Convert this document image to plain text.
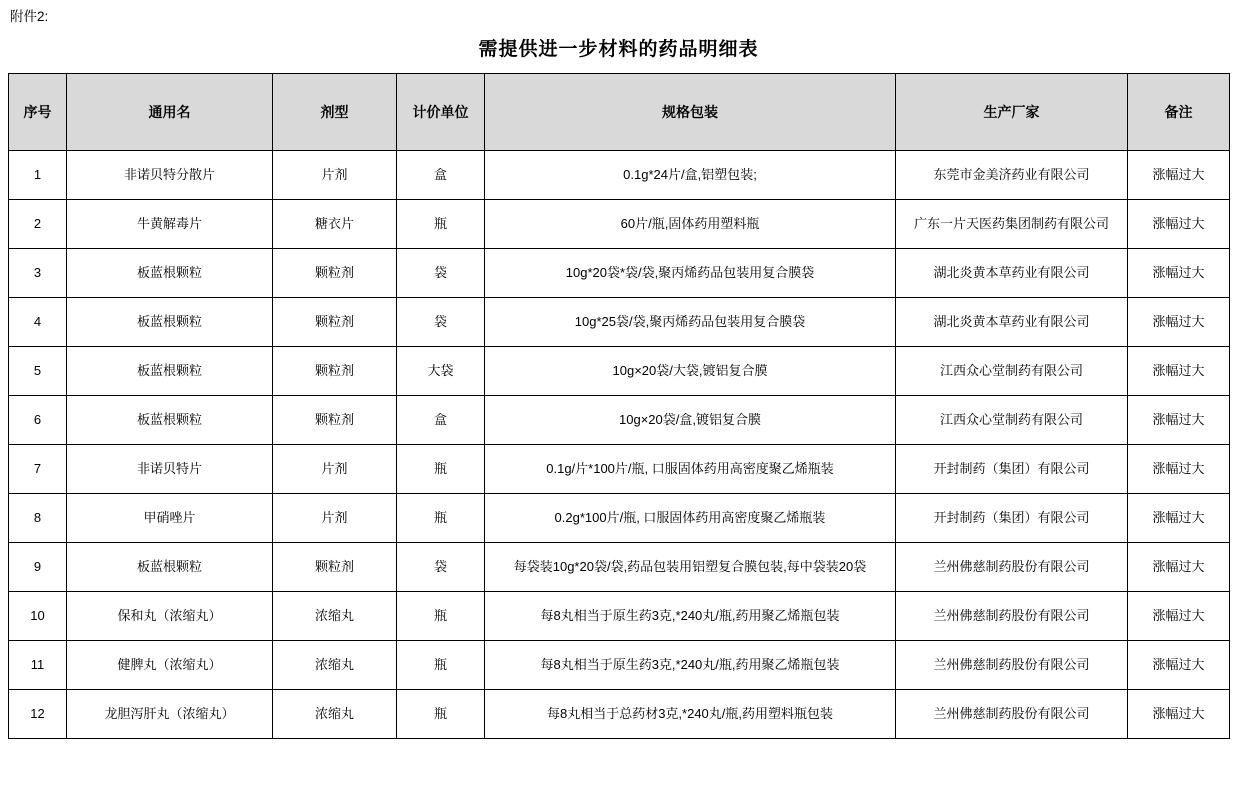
附件2:
需提供进一步材料的药品明细表
序号	通用名	剂型	计价单位	规格包装	生产厂家	备注
1	非诺贝特分散片	片剂	盒	0.1g*24片/盒,铝塑包装;	东莞市金美济药业有限公司	涨幅过大
2	牛黄解毒片	糖衣片	瓶	60片/瓶,固体药用塑料瓶	广东一片天医药集团制药有限公司	涨幅过大
3	板蓝根颗粒	颗粒剂	袋	10g*20袋*袋/袋,聚丙烯药品包装用复合膜袋	湖北炎黄本草药业有限公司	涨幅过大
4	板蓝根颗粒	颗粒剂	袋	10g*25袋/袋,聚丙烯药品包装用复合膜袋	湖北炎黄本草药业有限公司	涨幅过大
5	板蓝根颗粒	颗粒剂	大袋	10g×20袋/大袋,镀铝复合膜	江西众心堂制药有限公司	涨幅过大
6	板蓝根颗粒	颗粒剂	盒	10g×20袋/盒,镀铝复合膜	江西众心堂制药有限公司	涨幅过大
7	非诺贝特片	片剂	瓶	0.1g/片*100片/瓶, 口服固体药用高密度聚乙烯瓶装	开封制药（集团）有限公司	涨幅过大
8	甲硝唑片	片剂	瓶	0.2g*100片/瓶, 口服固体药用高密度聚乙烯瓶装	开封制药（集团）有限公司	涨幅过大
9	板蓝根颗粒	颗粒剂	袋	每袋装10g*20袋/袋,药品包装用铝塑复合膜包装,每中袋装20袋	兰州佛慈制药股份有限公司	涨幅过大
10	保和丸（浓缩丸）	浓缩丸	瓶	每8丸相当于原生药3克,*240丸/瓶,药用聚乙烯瓶包装	兰州佛慈制药股份有限公司	涨幅过大
11	健脾丸（浓缩丸）	浓缩丸	瓶	每8丸相当于原生药3克,*240丸/瓶,药用聚乙烯瓶包装	兰州佛慈制药股份有限公司	涨幅过大
12	龙胆泻肝丸（浓缩丸）	浓缩丸	瓶	每8丸相当于总药材3克,*240丸/瓶,药用塑料瓶包装	兰州佛慈制药股份有限公司	涨幅过大
